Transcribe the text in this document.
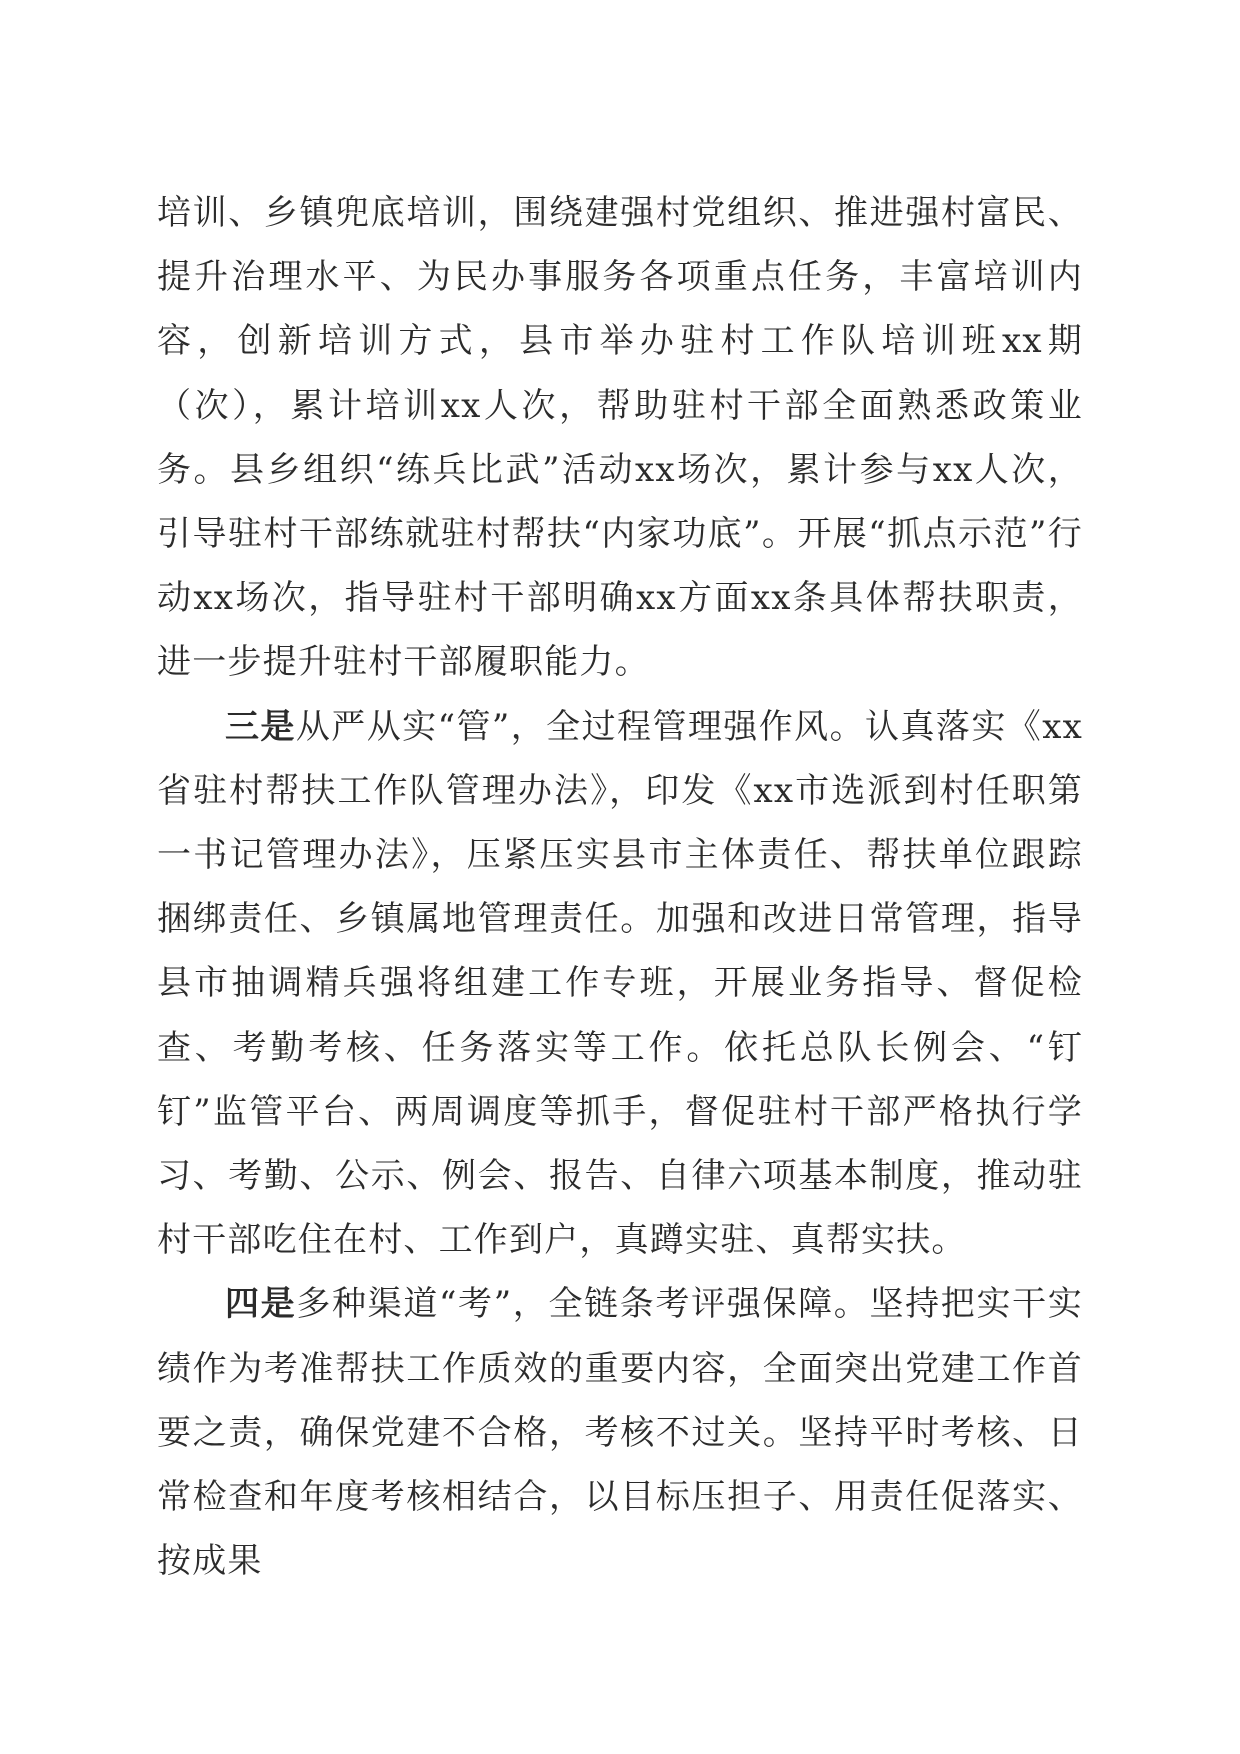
培训、乡镇兜底培训，围绕建强村党组织、推进强村富民、提升治理水平、为民办事服务各项重点任务，丰富培训内容，创新培训方式，县市举办驻村工作队培训班xx期（次），累计培训xx人次，帮助驻村干部全面熟悉政策业务。县乡组织“练兵比武”活动xx场次，累计参与xx人次，引导驻村干部练就驻村帮扶“内家功底”。开展“抓点示范”行动xx场次，指导驻村干部明确xx方面xx条具体帮扶职责，进一步提升驻村干部履职能力。

三是从严从实“管”，全过程管理强作风。认真落实《xx省驻村帮扶工作队管理办法》，印发《xx市选派到村任职第一书记管理办法》，压紧压实县市主体责任、帮扶单位跟踪捆绑责任、乡镇属地管理责任。加强和改进日常管理，指导县市抽调精兵强将组建工作专班，开展业务指导、督促检查、考勤考核、任务落实等工作。依托总队长例会、“钉钉”监管平台、两周调度等抓手，督促驻村干部严格执行学习、考勤、公示、例会、报告、自律六项基本制度，推动驻村干部吃住在村、工作到户，真蹲实驻、真帮实扶。

四是多种渠道“考”，全链条考评强保障。坚持把实干实绩作为考准帮扶工作质效的重要内容，全面突出党建工作首要之责，确保党建不合格，考核不过关。坚持平时考核、日常检查和年度考核相结合，以目标压担子、用责任促落实、按成果
